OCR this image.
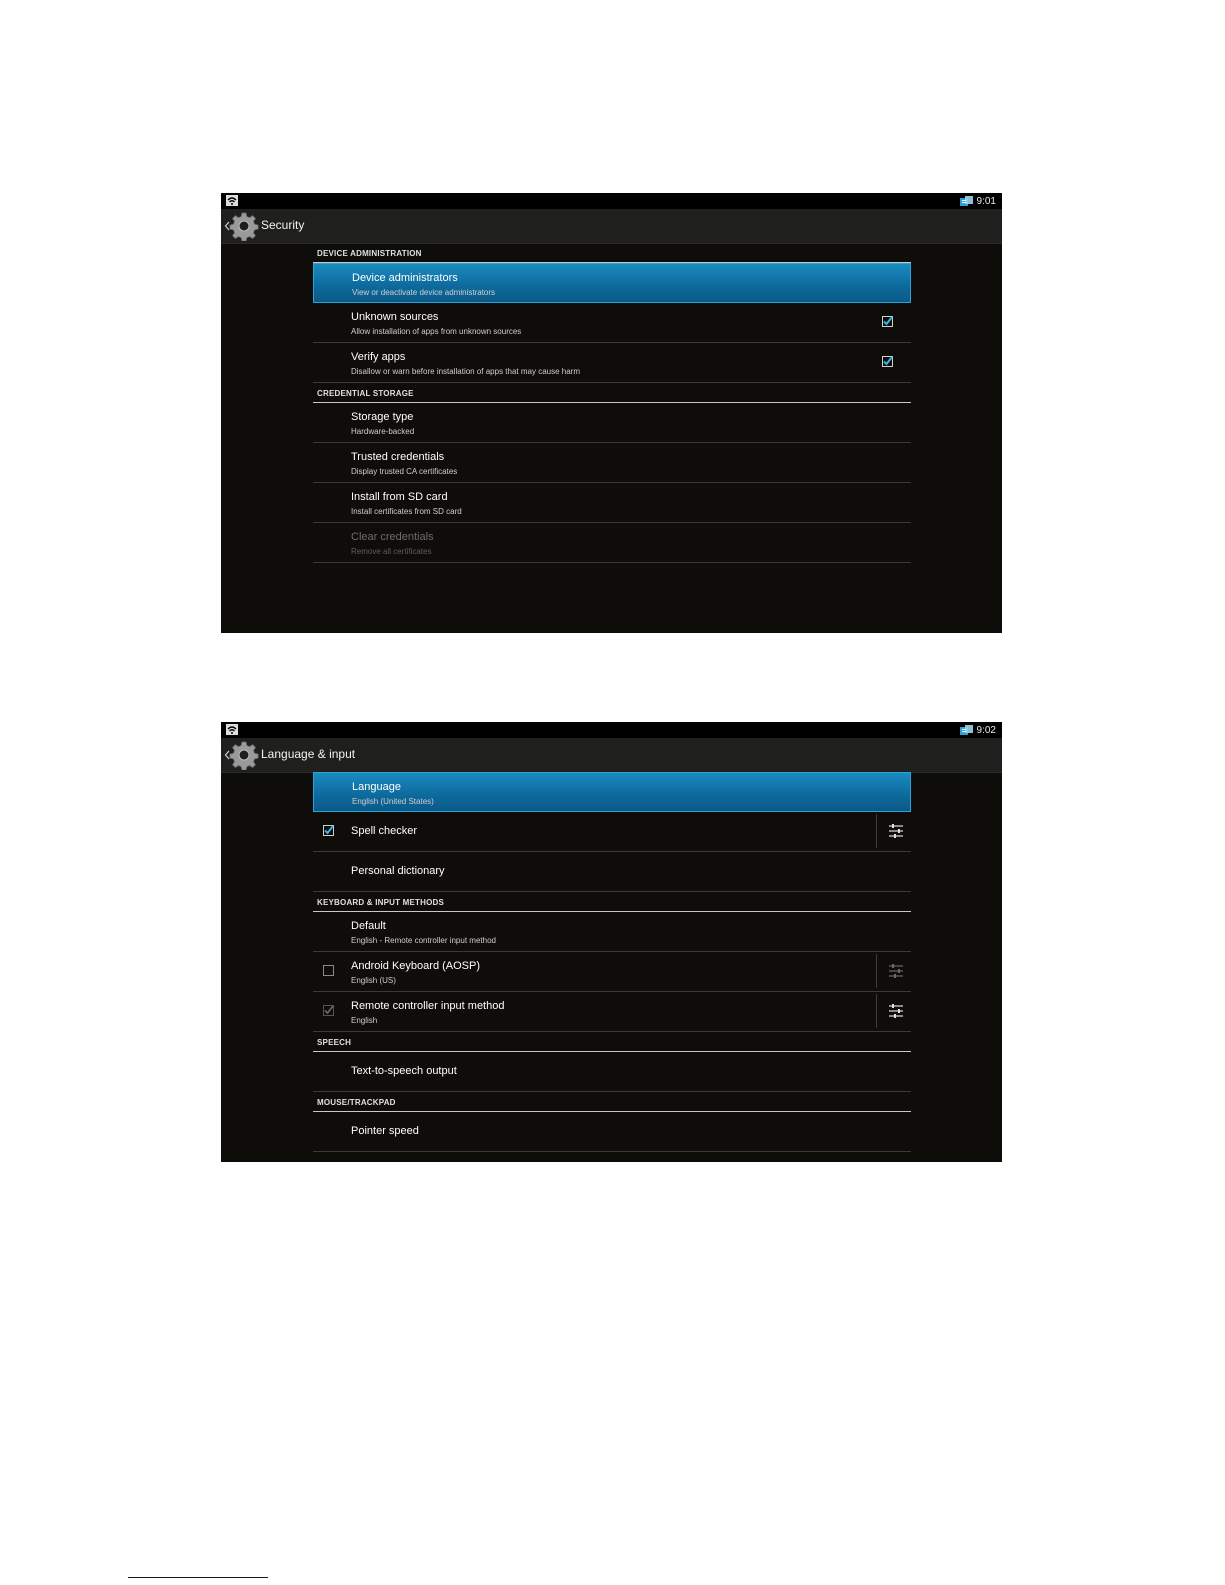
9:01
Security
DEVICE ADMINISTRATION
Device administrators
View or deactivate device administrators
Unknown sources
Allow installation of apps from unknown sources
Verify apps
Disallow or warn before installation of apps that may cause harm
CREDENTIAL STORAGE
Storage type
Hardware-backed
Trusted credentials
Display trusted CA certificates
Install from SD card
Install certificates from SD card
Clear credentials
Remove all certificates
9:02
Language & input
Language
English (United States)
Spell checker
Personal dictionary
KEYBOARD & INPUT METHODS
Default
English - Remote controller input method
Android Keyboard (AOSP)
English (US)
Remote controller input method
English
SPEECH
Text-to-speech output
MOUSE/TRACKPAD
Pointer speed
